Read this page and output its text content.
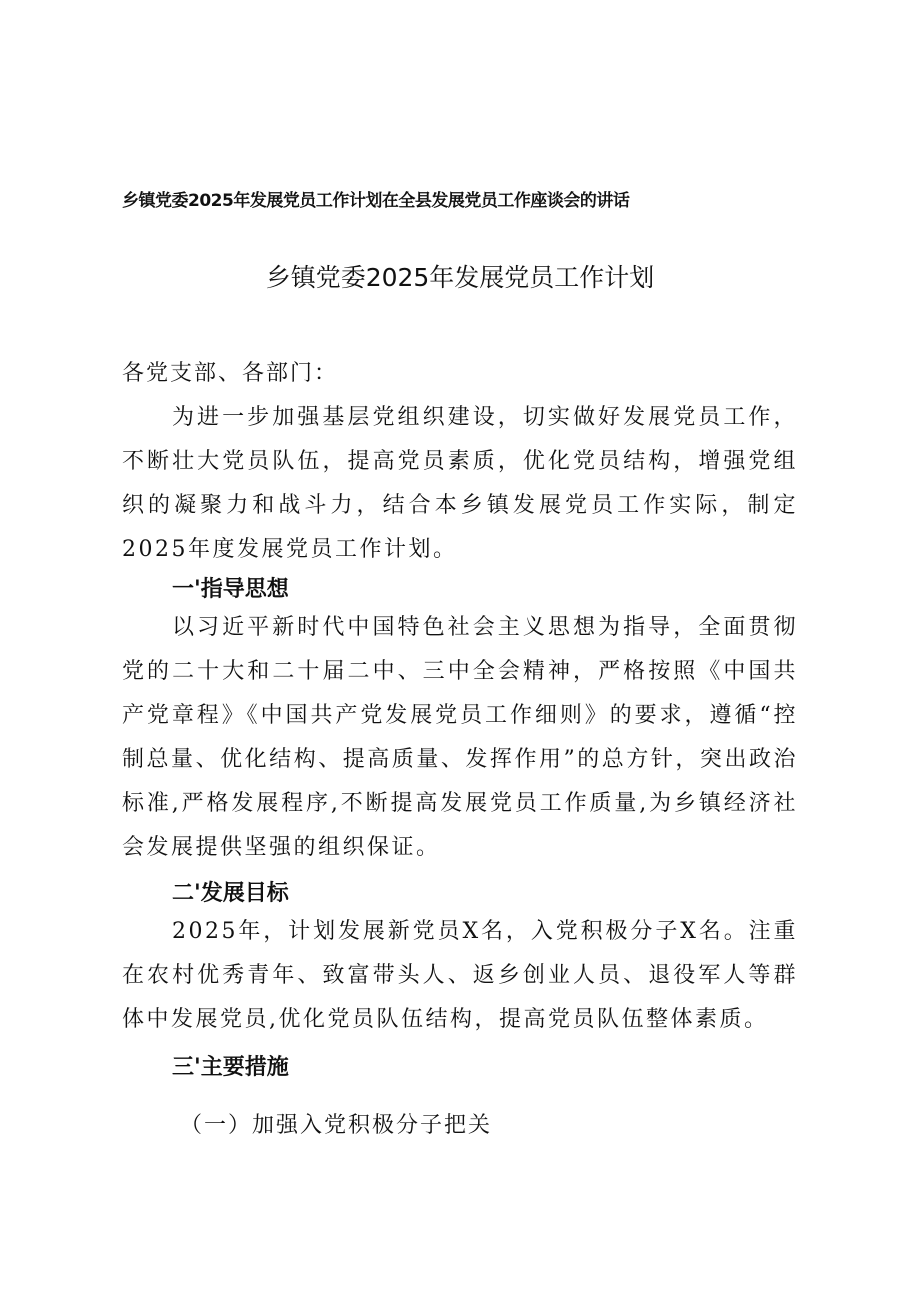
乡镇党委2025年发展党员工作计划在全县发展党员工作座谈会的讲话
乡镇党委2025年发展党员工作计划
各党支部、各部门：
为进一步加强基层党组织建设，切实做好发展党员工作，不断壮大党员队伍，提高党员素质，优化党员结构，增强党组织的凝聚力和战斗力，结合本乡镇发展党员工作实际，制定2025年度发展党员工作计划。
一'指导思想
以习近平新时代中国特色社会主义思想为指导，全面贯彻党的二十大和二十届二中、三中全会精神，严格按照《中国共产党章程》《中国共产党发展党员工作细则》的要求，遵循“控制总量、优化结构、提高质量、发挥作用”的总方针，突出政治标准,严格发展程序,不断提高发展党员工作质量,为乡镇经济社会发展提供坚强的组织保证。
二'发展目标
2025年，计划发展新党员X名，入党积极分子X名。注重在农村优秀青年、致富带头人、返乡创业人员、退役军人等群体中发展党员,优化党员队伍结构，提高党员队伍整体素质。
三'主要措施
（一）加强入党积极分子把关
